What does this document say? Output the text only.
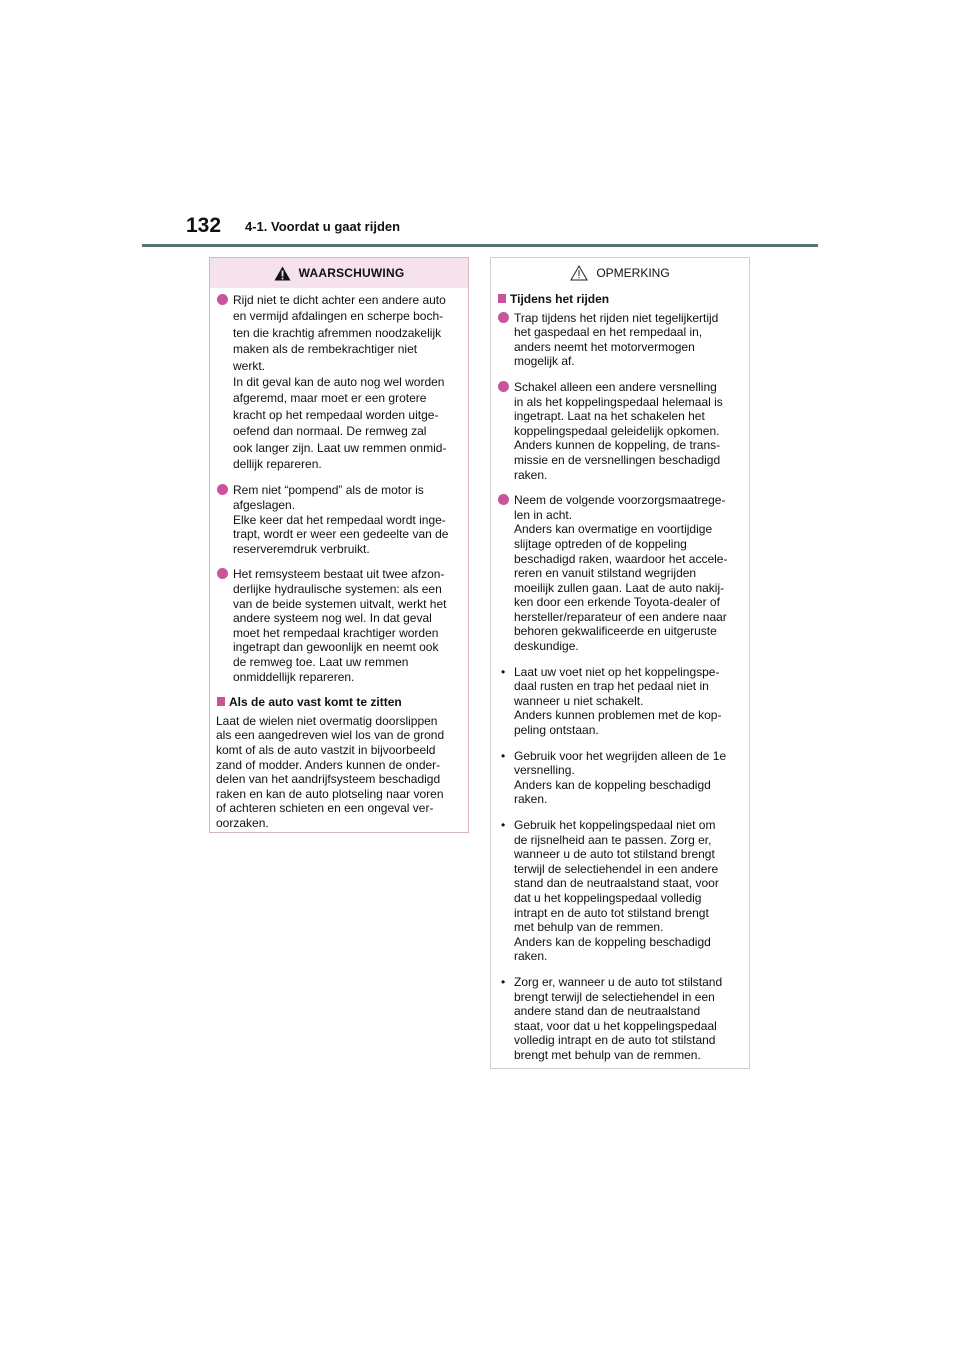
132 4-1. Voordat u gaat rijden
WAARSCHUWING
Rijd niet te dicht achter een andere auto
en vermijd afdalingen en scherpe boch-
ten die krachtig afremmen noodzakelijk
maken als de rembekrachtiger niet
werkt.
In dit geval kan de auto nog wel worden
afgeremd, maar moet er een grotere
kracht op het rempedaal worden uitge-
oefend dan normaal. De remweg zal
ook langer zijn. Laat uw remmen onmid-
dellijk repareren.
Rem niet “pompend” als de motor is
afgeslagen.
Elke keer dat het rempedaal wordt inge-
trapt, wordt er weer een gedeelte van de
reserveremdruk verbruikt.
Het remsysteem bestaat uit twee afzon-
derlijke hydraulische systemen: als een
van de beide systemen uitvalt, werkt het
andere systeem nog wel. In dat geval
moet het rempedaal krachtiger worden
ingetrapt dan gewoonlijk en neemt ook
de remweg toe. Laat uw remmen
onmiddellijk repareren.
Als de auto vast komt te zitten
Laat de wielen niet overmatig doorslippen
als een aangedreven wiel los van de grond
komt of als de auto vastzit in bijvoorbeeld
zand of modder. Anders kunnen de onder-
delen van het aandrijfsysteem beschadigd
raken en kan de auto plotseling naar voren
of achteren schieten en een ongeval ver-
oorzaken.
OPMERKING
Tijdens het rijden
Trap tijdens het rijden niet tegelijkertijd
het gaspedaal en het rempedaal in,
anders neemt het motorvermogen
mogelijk af.
Schakel alleen een andere versnelling
in als het koppelingspedaal helemaal is
ingetrapt. Laat na het schakelen het
koppelingspedaal geleidelijk opkomen.
Anders kunnen de koppeling, de trans-
missie en de versnellingen beschadigd
raken.
Neem de volgende voorzorgsmaatrege-
len in acht.
Anders kan overmatige en voortijdige
slijtage optreden of de koppeling
beschadigd raken, waardoor het accele-
reren en vanuit stilstand wegrijden
moeilijk zullen gaan. Laat de auto nakij-
ken door een erkende Toyota-dealer of
hersteller/reparateur of een andere naar
behoren gekwalificeerde en uitgeruste
deskundige.
• Laat uw voet niet op het koppelingspe-
daal rusten en trap het pedaal niet in
wanneer u niet schakelt.
Anders kunnen problemen met de kop-
peling ontstaan.
• Gebruik voor het wegrijden alleen de 1e
versnelling.
Anders kan de koppeling beschadigd
raken.
• Gebruik het koppelingspedaal niet om
de rijsnelheid aan te passen. Zorg er,
wanneer u de auto tot stilstand brengt
terwijl de selectiehendel in een andere
stand dan de neutraalstand staat, voor
dat u het koppelingspedaal volledig
intrapt en de auto tot stilstand brengt
met behulp van de remmen.
Anders kan de koppeling beschadigd
raken.
• Zorg er, wanneer u de auto tot stilstand
brengt terwijl de selectiehendel in een
andere stand dan de neutraalstand
staat, voor dat u het koppelingspedaal
volledig intrapt en de auto tot stilstand
brengt met behulp van de remmen.
